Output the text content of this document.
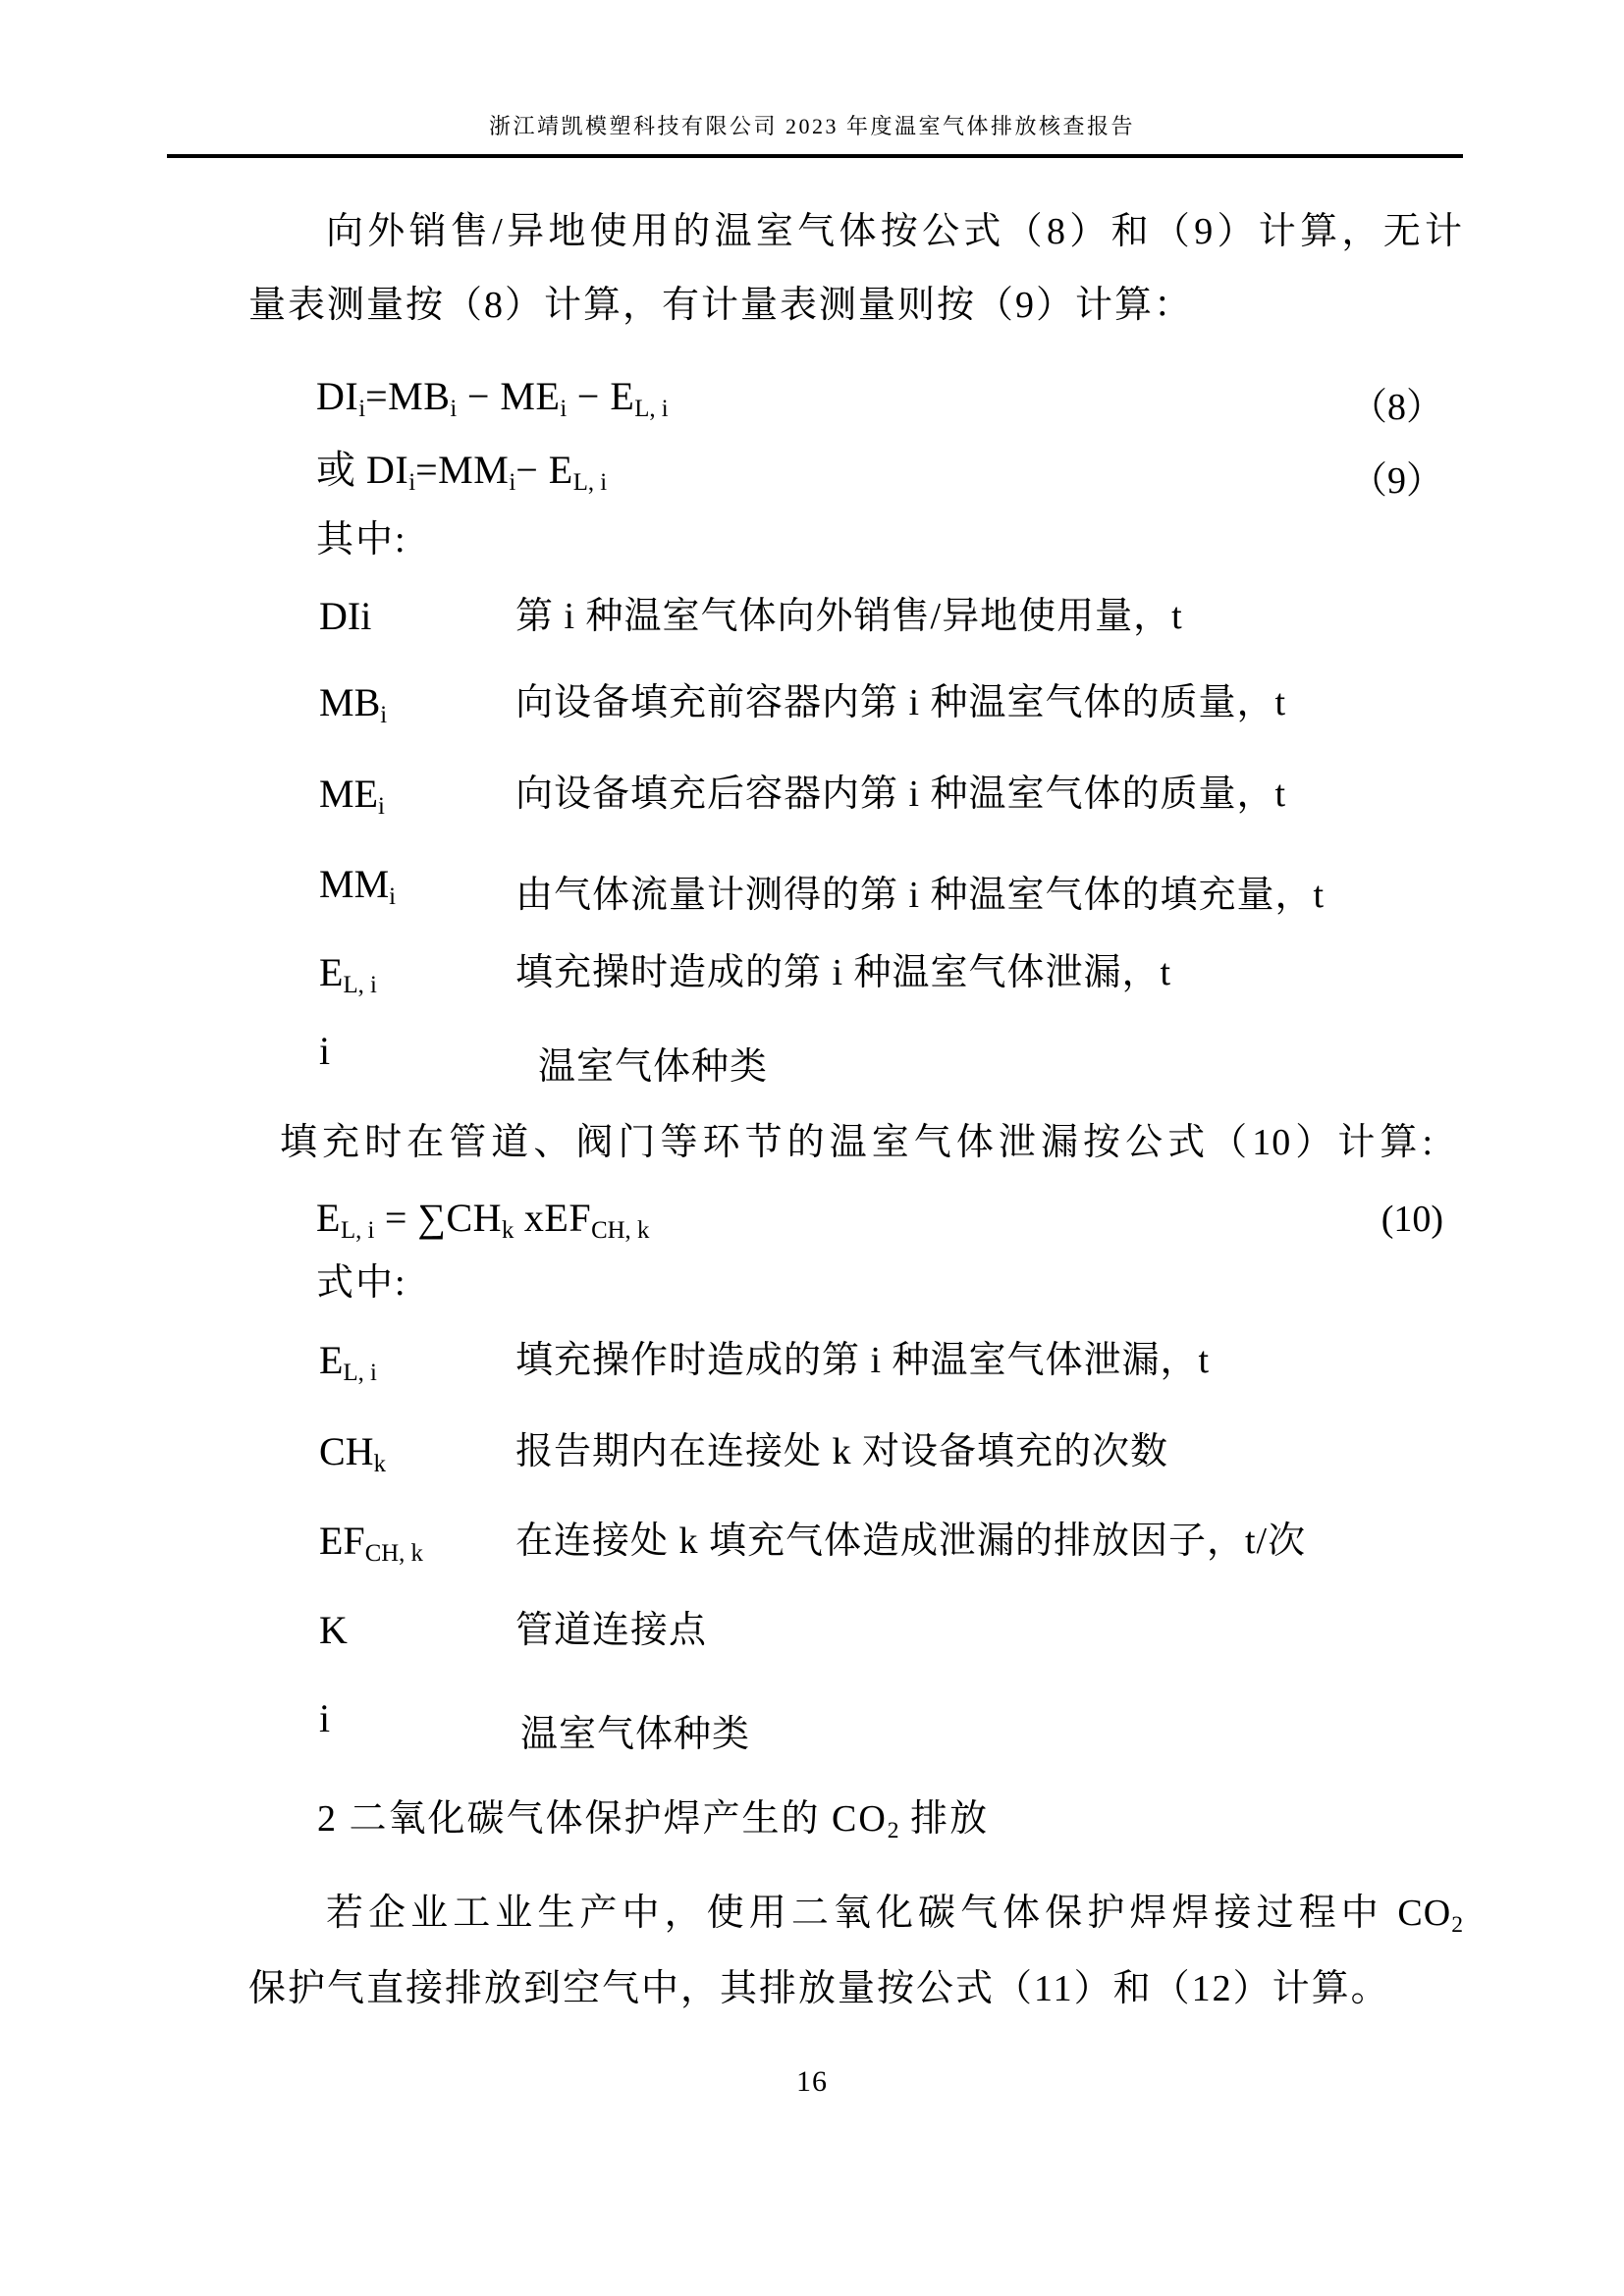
浙江靖凯模塑科技有限公司 2023 年度温室气体排放核查报告
向外销售/异地使用的温室气体按公式（8）和（9）计算，无计
量表测量按（8）计算，有计量表测量则按（9）计算：
$DI_i=MB_i - ME_i - E_{L, i}$	（8）
或 $DI_i=MM_i- E_{L, i}$	（9）
其中:
DIi	第 i 种温室气体向外销售/异地使用量，t
$MB_i$	向设备填充前容器内第 i 种温室气体的质量，t
$ME_i$	向设备填充后容器内第 i 种温室气体的质量，t
$MM_i$	由气体流量计测得的第 i 种温室气体的填充量，t
$E_{L, i}$	填充操时造成的第 i 种温室气体泄漏，t
i	温室气体种类
填充时在管道、阀门等环节的温室气体泄漏按公式（10）计算:
$E_{L, i} = \sum CH_k$ xEF$_{CH, k}$	(10)
式中:
$E_{L, i}$	填充操作时造成的第 i 种温室气体泄漏，t
$CH_k$	报告期内在连接处 k 对设备填充的次数
$EF_{CH, k}$ 在连接处 k 填充气体造成泄漏的排放因子，t/次
K	管道连接点
i	温室气体种类
2 二氧化碳气体保护焊产生的 $CO_2$ 排放
若企业工业生产中，使用二氧化碳气体保护焊焊接过程中 $CO_2$
保护气直接排放到空气中，其排放量按公式（11）和（12）计算。
16
